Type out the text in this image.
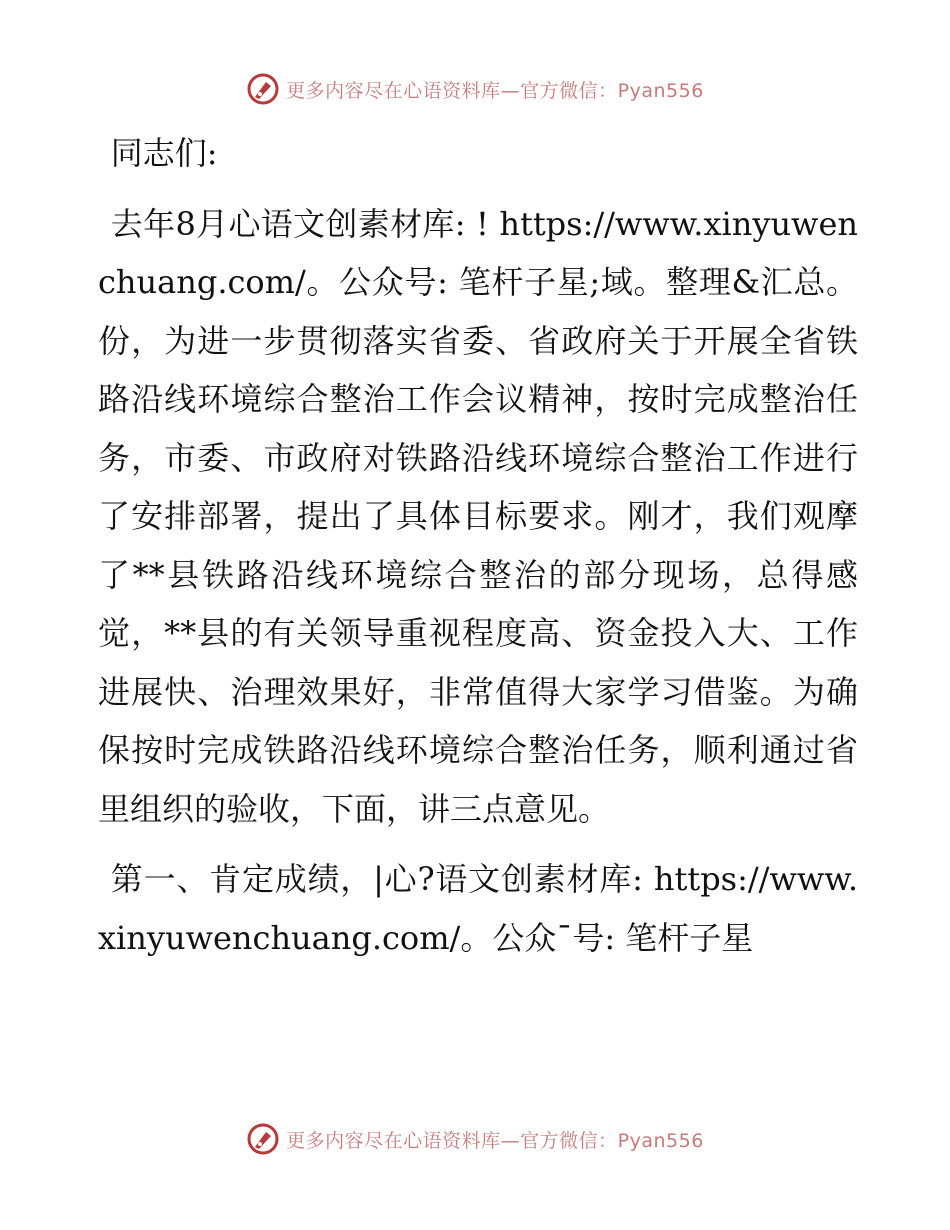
更多内容尽在心语资料库—官方微信：Pyan556

同志们:

去年8月心语文创素材库: ! https://www.xinyuwenchuang.com/。公众号: 笔杆子星;域。整理&汇总。份，为进一步贯彻落实省委、省政府关于开展全省铁路沿线环境综合整治工作会议精神，按时完成整治任务，市委、市政府对铁路沿线环境综合整治工作进行了安排部署，提出了具体目标要求。刚才，我们观摩了**县铁路沿线环境综合整治的部分现场，总得感觉，**县的有关领导重视程度高、资金投入大、工作进展快、治理效果好，非常值得大家学习借鉴。为确保按时完成铁路沿线环境综合整治任务，顺利通过省里组织的验收，下面，讲三点意见。

第一、肯定成绩，|心?语文创素材库: https://www.xinyuwenchuang.com/。公众¯号: 笔杆子星

更多内容尽在心语资料库—官方微信：Pyan556
